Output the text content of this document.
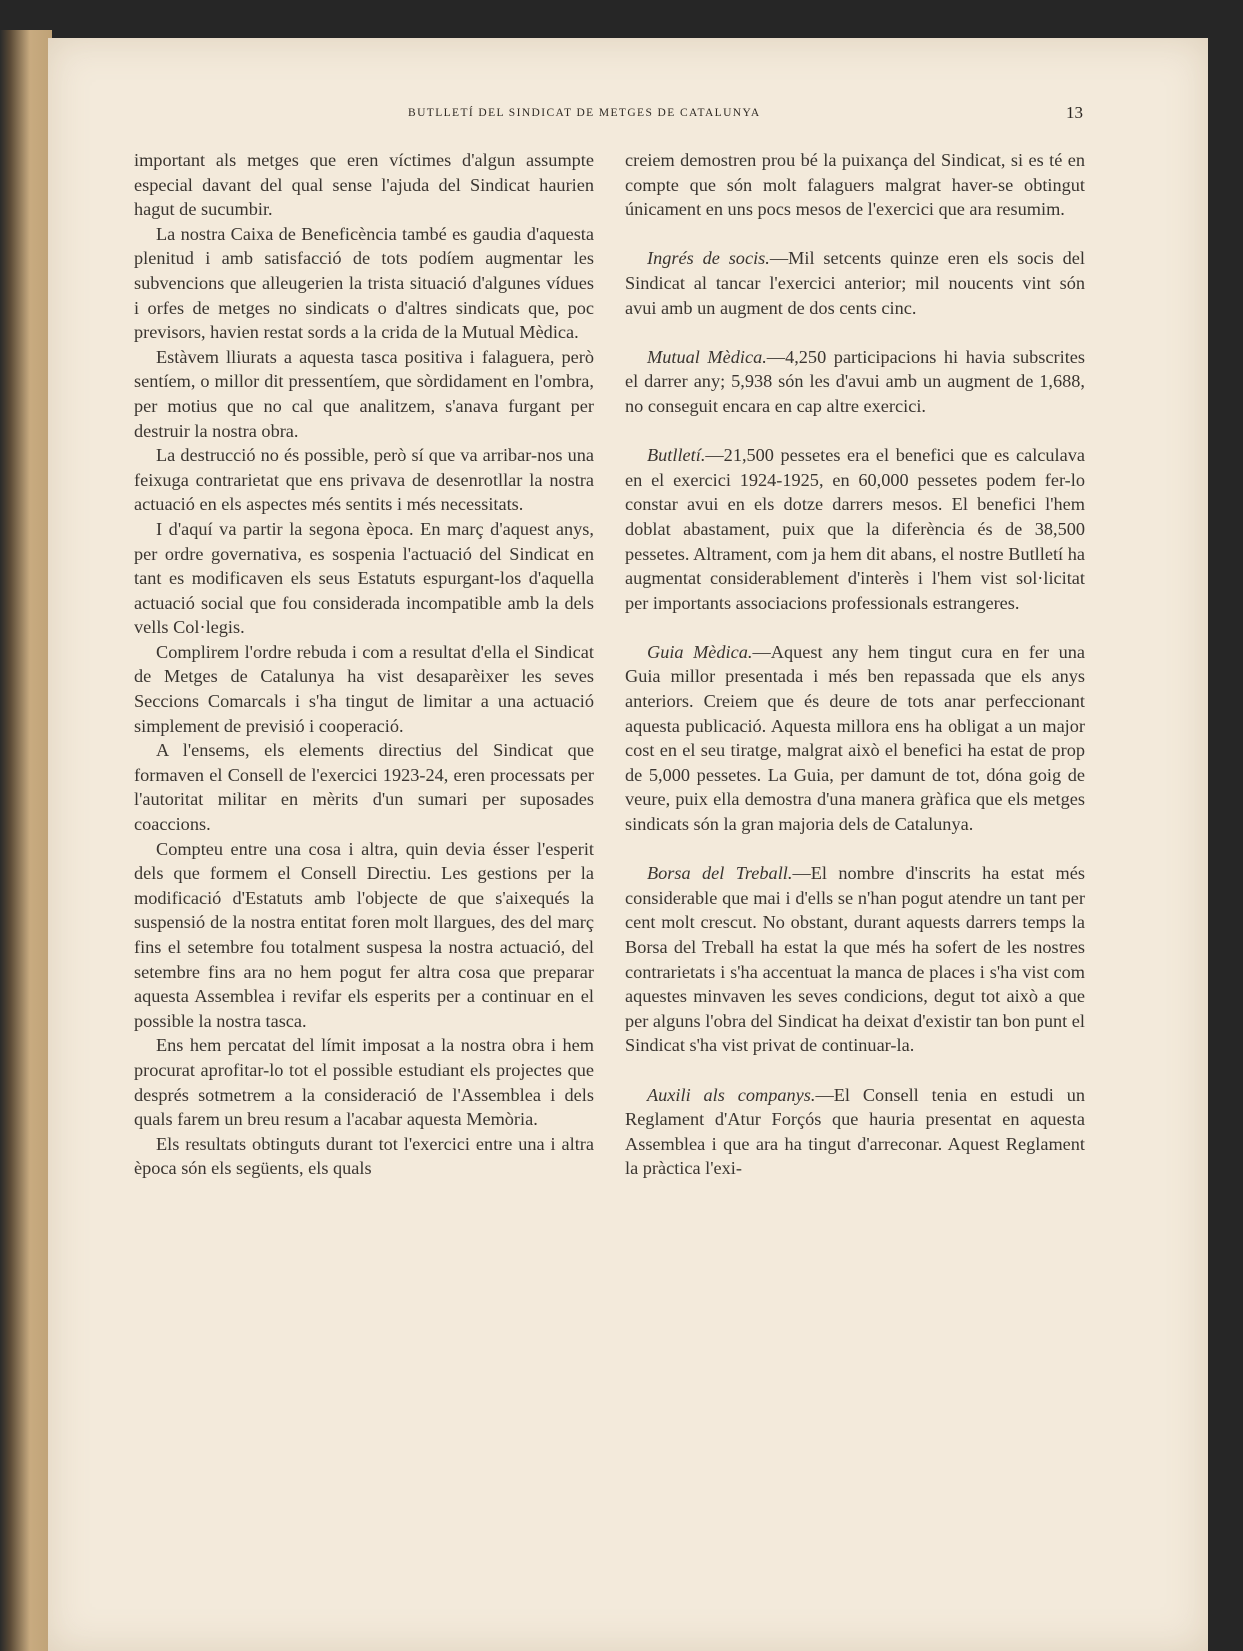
BUTLLETÍ DEL SINDICAT DE METGES DE CATALUNYA	13

important als metges que eren víctimes d'algun assumpte especial davant del qual sense l'ajuda del Sindicat haurien hagut de sucumbir.

La nostra Caixa de Beneficència també es gaudia d'aquesta plenitud i amb satisfacció de tots podíem augmentar les subvencions que alleugerien la trista situació d'algunes vídues i orfes de metges no sindicats o d'altres sindicats que, poc previsors, havien restat sords a la crida de la Mutual Mèdica.

Estàvem lliurats a aquesta tasca positiva i falaguera, però sentíem, o millor dit pressentíem, que sòrdidament en l'ombra, per motius que no cal que analitzem, s'anava furgant per destruir la nostra obra.

La destrucció no és possible, però sí que va arribar-nos una feixuga contrarietat que ens privava de desenrotllar la nostra actuació en els aspectes més sentits i més necessitats.

I d'aquí va partir la segona època. En març d'aquest anys, per ordre governativa, es sospenia l'actuació del Sindicat en tant es modificaven els seus Estatuts espurgant-los d'aquella actuació social que fou considerada incompatible amb la dels vells Col·legis.

Complirem l'ordre rebuda i com a resultat d'ella el Sindicat de Metges de Catalunya ha vist desaparèixer les seves Seccions Comarcals i s'ha tingut de limitar a una actuació simplement de previsió i cooperació.

A l'ensems, els elements directius del Sindicat que formaven el Consell de l'exercici 1923-24, eren processats per l'autoritat militar en mèrits d'un sumari per suposades coaccions.

Compteu entre una cosa i altra, quin devia ésser l'esperit dels que formem el Consell Directiu. Les gestions per la modificació d'Estatuts amb l'objecte de que s'aixequés la suspensió de la nostra entitat foren molt llargues, des del març fins el setembre fou totalment suspesa la nostra actuació, del setembre fins ara no hem pogut fer altra cosa que preparar aquesta Assemblea i revifar els esperits per a continuar en el possible la nostra tasca.

Ens hem percatat del límit imposat a la nostra obra i hem procurat aprofitar-lo tot el possible estudiant els projectes que després sotmetrem a la consideració de l'Assemblea i dels quals farem un breu resum a l'acabar aquesta Memòria.

Els resultats obtinguts durant tot l'exercici entre una i altra època són els següents, els quals

creiem demostren prou bé la puixança del Sindicat, si es té en compte que són molt falaguers malgrat haver-se obtingut únicament en uns pocs mesos de l'exercici que ara resumim.

Ingrés de socis.—Mil setcents quinze eren els socis del Sindicat al tancar l'exercici anterior; mil noucents vint són avui amb un augment de dos cents cinc.

Mutual Mèdica.—4,250 participacions hi havia subscrites el darrer any; 5,938 són les d'avui amb un augment de 1,688, no conseguit encara en cap altre exercici.

Butlletí.—21,500 pessetes era el benefici que es calculava en el exercici 1924-1925, en 60,000 pessetes podem fer-lo constar avui en els dotze darrers mesos. El benefici l'hem doblat abastament, puix que la diferència és de 38,500 pessetes. Altrament, com ja hem dit abans, el nostre Butlletí ha augmentat considerablement d'interès i l'hem vist sol·licitat per importants associacions professionals estrangeres.

Guia Mèdica.—Aquest any hem tingut cura en fer una Guia millor presentada i més ben repassada que els anys anteriors. Creiem que és deure de tots anar perfeccionant aquesta publicació. Aquesta millora ens ha obligat a un major cost en el seu tiratge, malgrat això el benefici ha estat de prop de 5,000 pessetes. La Guia, per damunt de tot, dóna goig de veure, puix ella demostra d'una manera gràfica que els metges sindicats són la gran majoria dels de Catalunya.

Borsa del Treball.—El nombre d'inscrits ha estat més considerable que mai i d'ells se n'han pogut atendre un tant per cent molt crescut. No obstant, durant aquests darrers temps la Borsa del Treball ha estat la que més ha sofert de les nostres contrarietats i s'ha accentuat la manca de places i s'ha vist com aquestes minvaven les seves condicions, degut tot això a que per alguns l'obra del Sindicat ha deixat d'existir tan bon punt el Sindicat s'ha vist privat de continuar-la.

Auxili als companys.—El Consell tenia en estudi un Reglament d'Atur Forçós que hauria presentat en aquesta Assemblea i que ara ha tingut d'arreconar. Aquest Reglament la pràctica l'exi-
